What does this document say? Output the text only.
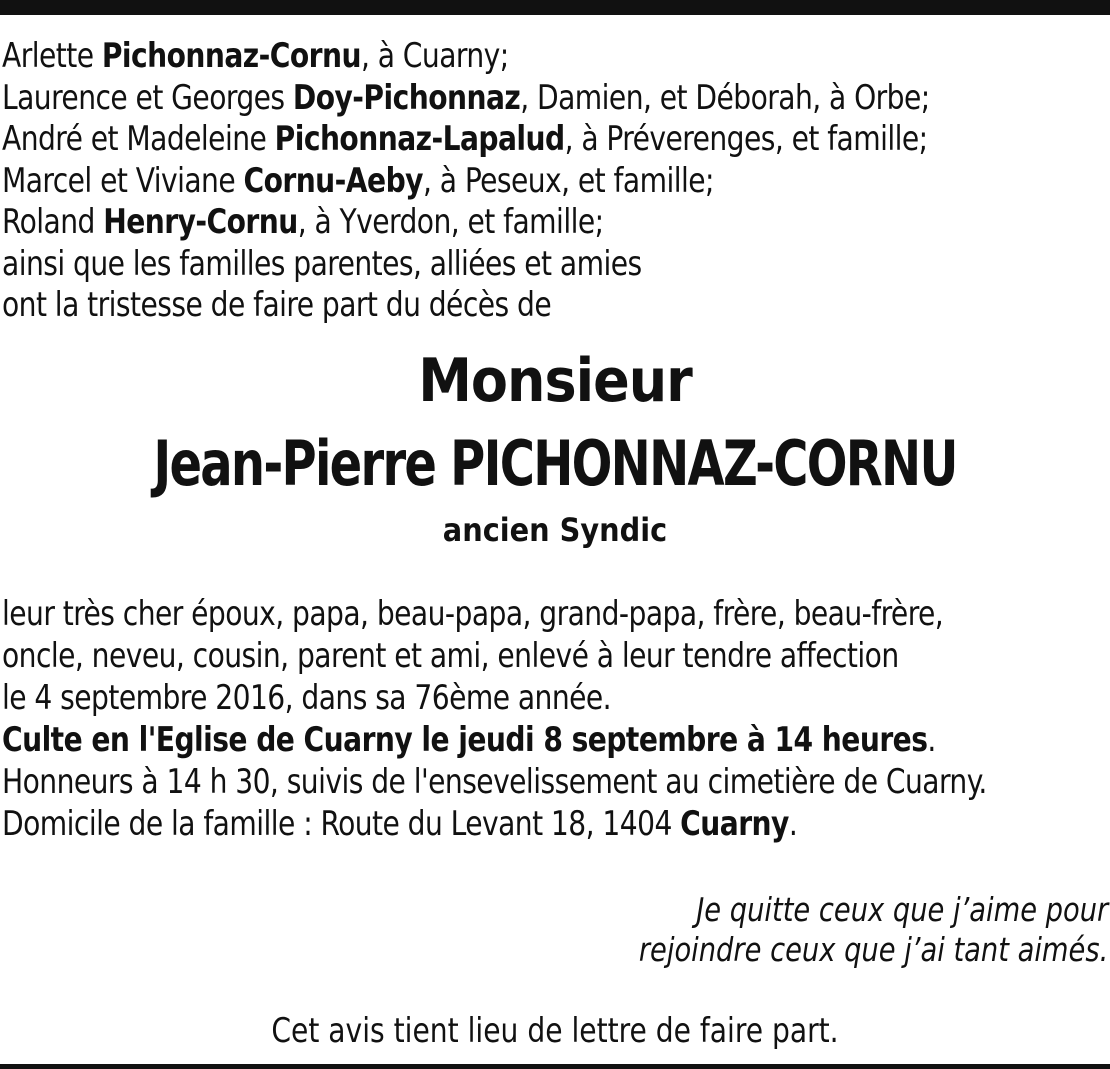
Arlette Pichonnaz-Cornu, à Cuarny;
Laurence et Georges Doy-Pichonnaz, Damien, et Déborah, à Orbe;
André et Madeleine Pichonnaz-Lapalud, à Préverenges, et famille;
Marcel et Viviane Cornu-Aeby, à Peseux, et famille;
Roland Henry-Cornu, à Yverdon, et famille;
ainsi que les familles parentes, alliées et amies
ont la tristesse de faire part du décès de
Monsieur
Jean-Pierre PICHONNAZ-CORNU
ancien Syndic
leur très cher époux, papa, beau-papa, grand-papa, frère, beau-frère,
oncle, neveu, cousin, parent et ami, enlevé à leur tendre affection
le 4 septembre 2016, dans sa 76ème année.
Culte en l'Eglise de Cuarny le jeudi 8 septembre à 14 heures.
Honneurs à 14 h 30, suivis de l'ensevelissement au cimetière de Cuarny.
Domicile de la famille : Route du Levant 18, 1404 Cuarny.
Je quitte ceux que j’aime pour
rejoindre ceux que j’ai tant aimés.
Cet avis tient lieu de lettre de faire part.
